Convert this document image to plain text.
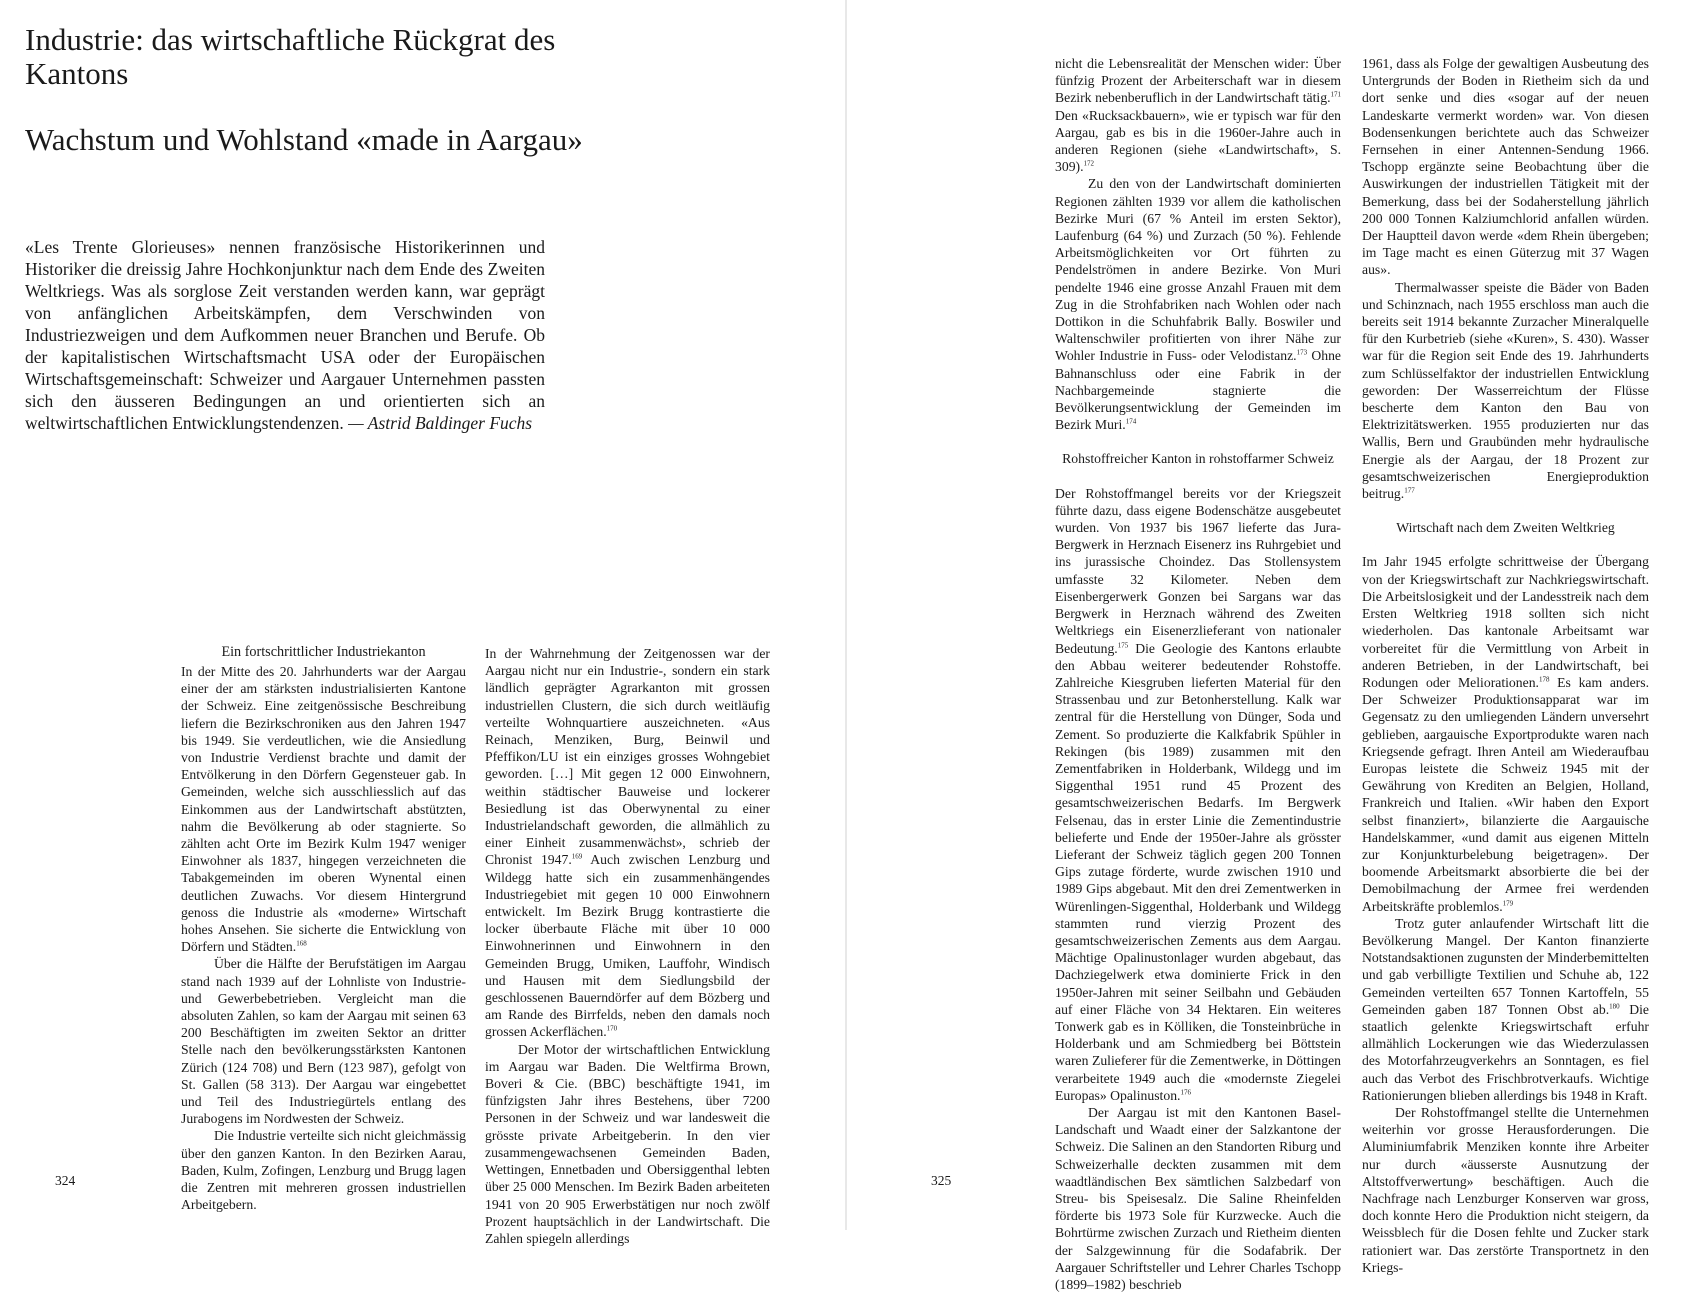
Industrie: das wirtschaftliche Rückgrat des Kantons
Wachstum und Wohlstand «made in Aargau»

«Les Trente Glorieuses» nennen französische Historikerinnen und Historiker die dreissig Jahre Hochkonjunktur nach dem Ende des Zweiten Weltkriegs. Was als sorglose Zeit verstanden werden kann, war geprägt von anfänglichen Arbeitskämpfen, dem Verschwinden von Industriezweigen und dem Aufkommen neuer Branchen und Berufe. Ob der kapitalistischen Wirtschaftsmacht USA oder der Europäischen Wirtschaftsgemeinschaft: Schweizer und Aargauer Unternehmen passten sich den äusseren Bedingungen an und orientierten sich an weltwirtschaftlichen Entwicklungstendenzen. — Astrid Baldinger Fuchs

Ein fortschrittlicher Industriekanton

In der Mitte des 20. Jahrhunderts war der Aargau einer der am stärksten industrialisierten Kantone der Schweiz. Eine zeitgenössische Beschreibung liefern die Bezirkschroniken aus den Jahren 1947 bis 1949. Sie verdeutlichen, wie die Ansiedlung von Industrie Verdienst brachte und damit der Entvölkerung in den Dörfern Gegensteuer gab. In Gemeinden, welche sich ausschliesslich auf das Einkommen aus der Landwirtschaft abstützten, nahm die Bevölkerung ab oder stagnierte. So zählten acht Orte im Bezirk Kulm 1947 weniger Einwohner als 1837, hingegen verzeichneten die Tabakgemeinden im oberen Wynental einen deutlichen Zuwachs. Vor diesem Hintergrund genoss die Industrie als «moderne» Wirtschaft hohes Ansehen. Sie sicherte die Entwicklung von Dörfern und Städten.$^{168}$

Über die Hälfte der Berufstätigen im Aargau stand nach 1939 auf der Lohnliste von Industrie- und Gewerbebetrieben. Vergleicht man die absoluten Zahlen, so kam der Aargau mit seinen 63 200 Beschäftigten im zweiten Sektor an dritter Stelle nach den bevölkerungsstärksten Kantonen Zürich (124 708) und Bern (123 987), gefolgt von St. Gallen (58 313). Der Aargau war eingebettet und Teil des Industriegürtels entlang des Jurabogens im Nordwesten der Schweiz.

Die Industrie verteilte sich nicht gleichmässig über den ganzen Kanton. In den Bezirken Aarau, Baden, Kulm, Zofingen, Lenzburg und Brugg lagen die Zentren mit mehreren grossen industriellen Arbeitgebern.

In der Wahrnehmung der Zeitgenossen war der Aargau nicht nur ein Industrie-, sondern ein stark ländlich geprägter Agrarkanton mit grossen industriellen Clustern, die sich durch weitläufig verteilte Wohnquartiere auszeichneten. «Aus Reinach, Menziken, Burg, Beinwil und Pfeffikon/LU ist ein einziges grosses Wohngebiet geworden. […] Mit gegen 12 000 Einwohnern, weithin städtischer Bauweise und lockerer Besiedlung ist das Oberwynental zu einer Industrielandschaft geworden, die allmählich zu einer Einheit zusammenwächst», schrieb der Chronist 1947.$^{169}$ Auch zwischen Lenzburg und Wildegg hatte sich ein zusammenhängendes Industriegebiet mit gegen 10 000 Einwohnern entwickelt. Im Bezirk Brugg kontrastierte die locker überbaute Fläche mit über 10 000 Einwohnerinnen und Einwohnern in den Gemeinden Brugg, Umiken, Lauffohr, Windisch und Hausen mit dem Siedlungsbild der geschlossenen Bauerndörfer auf dem Bözberg und am Rande des Birrfelds, neben den damals noch grossen Ackerflächen.$^{170}$

Der Motor der wirtschaftlichen Entwicklung im Aargau war Baden. Die Weltfirma Brown, Boveri & Cie. (BBC) beschäftigte 1941, im fünfzigsten Jahr ihres Bestehens, über 7200 Personen in der Schweiz und war landesweit die grösste private Arbeitgeberin. In den vier zusammengewachsenen Gemeinden Baden, Wettingen, Ennetbaden und Obersiggenthal lebten über 25 000 Menschen. Im Bezirk Baden arbeiteten 1941 von 20 905 Erwerbstätigen nur noch zwölf Prozent hauptsächlich in der Landwirtschaft. Die Zahlen spiegeln allerdings

324	325

nicht die Lebensrealität der Menschen wider: Über fünfzig Prozent der Arbeiterschaft war in diesem Bezirk nebenberuflich in der Landwirtschaft tätig.$^{171}$ Den «Rucksackbauern», wie er typisch war für den Aargau, gab es bis in die 1960er-Jahre auch in anderen Regionen (siehe «Landwirtschaft», S. 309).$^{172}$

Zu den von der Landwirtschaft dominierten Regionen zählten 1939 vor allem die katholischen Bezirke Muri (67 % Anteil im ersten Sektor), Laufenburg (64 %) und Zurzach (50 %). Fehlende Arbeitsmöglichkeiten vor Ort führten zu Pendelströmen in andere Bezirke. Von Muri pendelte 1946 eine grosse Anzahl Frauen mit dem Zug in die Strohfabriken nach Wohlen oder nach Dottikon in die Schuhfabrik Bally. Boswiler und Waltenschwiler profitierten von ihrer Nähe zur Wohler Industrie in Fuss- oder Velodistanz.$^{173}$ Ohne Bahnanschluss oder eine Fabrik in der Nachbargemeinde stagnierte die Bevölkerungsentwicklung der Gemeinden im Bezirk Muri.$^{174}$

Rohstoffreicher Kanton in rohstoffarmer Schweiz

Der Rohstoffmangel bereits vor der Kriegszeit führte dazu, dass eigene Bodenschätze ausgebeutet wurden. Von 1937 bis 1967 lieferte das Jura-Bergwerk in Herznach Eisenerz ins Ruhrgebiet und ins jurassische Choindez. Das Stollensystem umfasste 32 Kilometer. Neben dem Eisenbergerwerk Gonzen bei Sargans war das Bergwerk in Herznach während des Zweiten Weltkriegs ein Eisenerzlieferant von nationaler Bedeutung.$^{175}$ Die Geologie des Kantons erlaubte den Abbau weiterer bedeutender Rohstoffe. Zahlreiche Kiesgruben lieferten Material für den Strassenbau und zur Betonherstellung. Kalk war zentral für die Herstellung von Dünger, Soda und Zement. So produzierte die Kalkfabrik Spühler in Rekingen (bis 1989) zusammen mit den Zementfabriken in Holderbank, Wildegg und im Siggenthal 1951 rund 45 Prozent des gesamtschweizerischen Bedarfs. Im Bergwerk Felsenau, das in erster Linie die Zementindustrie belieferte und Ende der 1950er-Jahre als grösster Lieferant der Schweiz täglich gegen 200 Tonnen Gips zutage förderte, wurde zwischen 1910 und 1989 Gips abgebaut. Mit den drei Zementwerken in Würenlingen-Siggenthal, Holderbank und Wildegg stammten rund vierzig Prozent des gesamtschweizerischen Zements aus dem Aargau. Mächtige Opalinustonlager wurden abgebaut, das Dachziegelwerk etwa dominierte Frick in den 1950er-Jahren mit seiner Seilbahn und Gebäuden auf einer Fläche von 34 Hektaren. Ein weiteres Tonwerk gab es in Kölliken, die Tonsteinbrüche in Holderbank und am Schmiedberg bei Böttstein waren Zulieferer für die Zementwerke, in Döttingen verarbeitete 1949 auch die «modernste Ziegelei Europas» Opalinuston.$^{176}$

Der Aargau ist mit den Kantonen Basel-Landschaft und Waadt einer der Salzkantone der Schweiz. Die Salinen an den Standorten Riburg und Schweizerhalle deckten zusammen mit dem waadtländischen Bex sämtlichen Salzbedarf von Streu- bis Speisesalz. Die Saline Rheinfelden förderte bis 1973 Sole für Kurzwecke. Auch die Bohrtürme zwischen Zurzach und Rietheim dienten der Salzgewinnung für die Sodafabrik. Der Aargauer Schriftsteller und Lehrer Charles Tschopp (1899–1982) beschrieb

1961, dass als Folge der gewaltigen Ausbeutung des Untergrunds der Boden in Rietheim sich da und dort senke und dies «sogar auf der neuen Landeskarte vermerkt worden» war. Von diesen Bodensenkungen berichtete auch das Schweizer Fernsehen in einer Antennen-Sendung 1966. Tschopp ergänzte seine Beobachtung über die Auswirkungen der industriellen Tätigkeit mit der Bemerkung, dass bei der Sodaherstellung jährlich 200 000 Tonnen Kalziumchlorid anfallen würden. Der Hauptteil davon werde «dem Rhein übergeben; im Tage macht es einen Güterzug mit 37 Wagen aus».

Thermalwasser speiste die Bäder von Baden und Schinznach, nach 1955 erschloss man auch die bereits seit 1914 bekannte Zurzacher Mineralquelle für den Kurbetrieb (siehe «Kuren», S. 430). Wasser war für die Region seit Ende des 19. Jahrhunderts zum Schlüsselfaktor der industriellen Entwicklung geworden: Der Wasserreichtum der Flüsse bescherte dem Kanton den Bau von Elektrizitätswerken. 1955 produzierten nur das Wallis, Bern und Graubünden mehr hydraulische Energie als der Aargau, der 18 Prozent zur gesamtschweizerischen Energieproduktion beitrug.$^{177}$

Wirtschaft nach dem Zweiten Weltkrieg

Im Jahr 1945 erfolgte schrittweise der Übergang von der Kriegswirtschaft zur Nachkriegswirtschaft. Die Arbeitslosigkeit und der Landesstreik nach dem Ersten Weltkrieg 1918 sollten sich nicht wiederholen. Das kantonale Arbeitsamt war vorbereitet für die Vermittlung von Arbeit in anderen Betrieben, in der Landwirtschaft, bei Rodungen oder Meliorationen.$^{178}$ Es kam anders. Der Schweizer Produktionsapparat war im Gegensatz zu den umliegenden Ländern unversehrt geblieben, aargauische Exportprodukte waren nach Kriegsende gefragt. Ihren Anteil am Wiederaufbau Europas leistete die Schweiz 1945 mit der Gewährung von Krediten an Belgien, Holland, Frankreich und Italien. «Wir haben den Export selbst finanziert», bilanzierte die Aargauische Handelskammer, «und damit aus eigenen Mitteln zur Konjunkturbelebung beigetragen». Der boomende Arbeitsmarkt absorbierte die bei der Demobilmachung der Armee frei werdenden Arbeitskräfte problemlos.$^{179}$

Trotz guter anlaufender Wirtschaft litt die Bevölkerung Mangel. Der Kanton finanzierte Notstandsaktionen zugunsten der Minderbemittelten und gab verbilligte Textilien und Schuhe ab, 122 Gemeinden verteilten 657 Tonnen Kartoffeln, 55 Gemeinden gaben 187 Tonnen Obst ab.$^{180}$ Die staatlich gelenkte Kriegswirtschaft erfuhr allmählich Lockerungen wie das Wiederzulassen des Motorfahrzeugverkehrs an Sonntagen, es fiel auch das Verbot des Frischbrotverkaufs. Wichtige Rationierungen blieben allerdings bis 1948 in Kraft.

Der Rohstoffmangel stellte die Unternehmen weiterhin vor grosse Herausforderungen. Die Aluminiumfabrik Menziken konnte ihre Arbeiter nur durch «äusserste Ausnutzung der Altstoffverwertung» beschäftigen. Auch die Nachfrage nach Lenzburger Konserven war gross, doch konnte Hero die Produktion nicht steigern, da Weissblech für die Dosen fehlte und Zucker stark rationiert war. Das zerstörte Transportnetz in den Kriegs-
